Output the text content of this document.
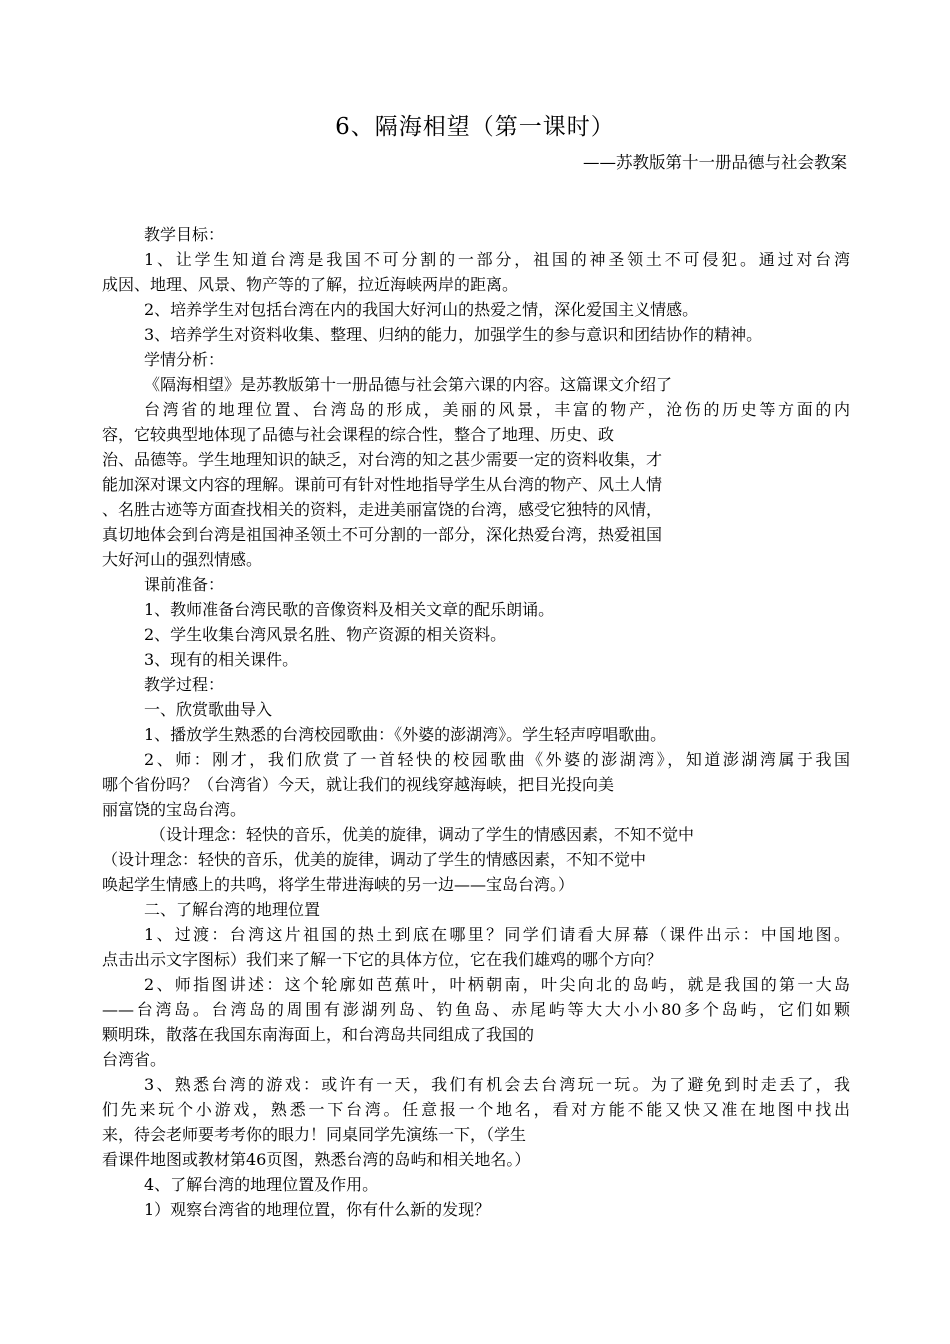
6、隔海相望（第一课时）
——苏教版第十一册品德与社会教案
教学目标：
1、让学生知道台湾是我国不可分割的一部分，祖国的神圣领土不可侵犯。通过对台湾
成因、地理、风景、物产等的了解，拉近海峡两岸的距离。
2、培养学生对包括台湾在内的我国大好河山的热爱之情，深化爱国主义情感。
3、培养学生对资料收集、整理、归纳的能力，加强学生的参与意识和团结协作的精神。
学情分析：
《隔海相望》是苏教版第十一册品德与社会第六课的内容。这篇课文介绍了
台湾省的地理位置、台湾岛的形成，美丽的风景，丰富的物产，沧伤的历史等方面的内
容，它较典型地体现了品德与社会课程的综合性，整合了地理、历史、政
治、品德等。学生地理知识的缺乏，对台湾的知之甚少需要一定的资料收集，才
能加深对课文内容的理解。课前可有针对性地指导学生从台湾的物产、风土人情
、名胜古迹等方面查找相关的资料，走进美丽富饶的台湾，感受它独特的风情，
真切地体会到台湾是祖国神圣领土不可分割的一部分，深化热爱台湾，热爱祖国
大好河山的强烈情感。
课前准备：
1、教师准备台湾民歌的音像资料及相关文章的配乐朗诵。
2、学生收集台湾风景名胜、物产资源的相关资料。
3、现有的相关课件。
教学过程：
一、欣赏歌曲导入
1、播放学生熟悉的台湾校园歌曲：《外婆的澎湖湾》。学生轻声哼唱歌曲。
2、师：刚才，我们欣赏了一首轻快的校园歌曲《外婆的澎湖湾》，知道澎湖湾属于我国
哪个省份吗？（台湾省）今天，就让我们的视线穿越海峡，把目光投向美
丽富饶的宝岛台湾。
（设计理念：轻快的音乐，优美的旋律，调动了学生的情感因素，不知不觉中
（设计理念：轻快的音乐，优美的旋律，调动了学生的情感因素，不知不觉中
唤起学生情感上的共鸣，将学生带进海峡的另一边——宝岛台湾。）
二、了解台湾的地理位置
1、过渡：台湾这片祖国的热土到底在哪里？同学们请看大屏幕（课件出示：中国地图。
点击出示文字图标）我们来了解一下它的具体方位，它在我们雄鸡的哪个方向？
2、师指图讲述：这个轮廓如芭蕉叶，叶柄朝南，叶尖向北的岛屿，就是我国的第一大岛
——台湾岛。台湾岛的周围有澎湖列岛、钓鱼岛、赤尾屿等大大小小80多个岛屿，它们如颗
颗明珠，散落在我国东南海面上，和台湾岛共同组成了我国的
台湾省。
3、熟悉台湾的游戏：或许有一天，我们有机会去台湾玩一玩。为了避免到时走丢了，我
们先来玩个小游戏，熟悉一下台湾。任意报一个地名，看对方能不能又快又准在地图中找出
来，待会老师要考考你的眼力！同桌同学先演练一下，（学生
看课件地图或教材第46页图，熟悉台湾的岛屿和相关地名。）
4、了解台湾的地理位置及作用。
1）观察台湾省的地理位置，你有什么新的发现？
